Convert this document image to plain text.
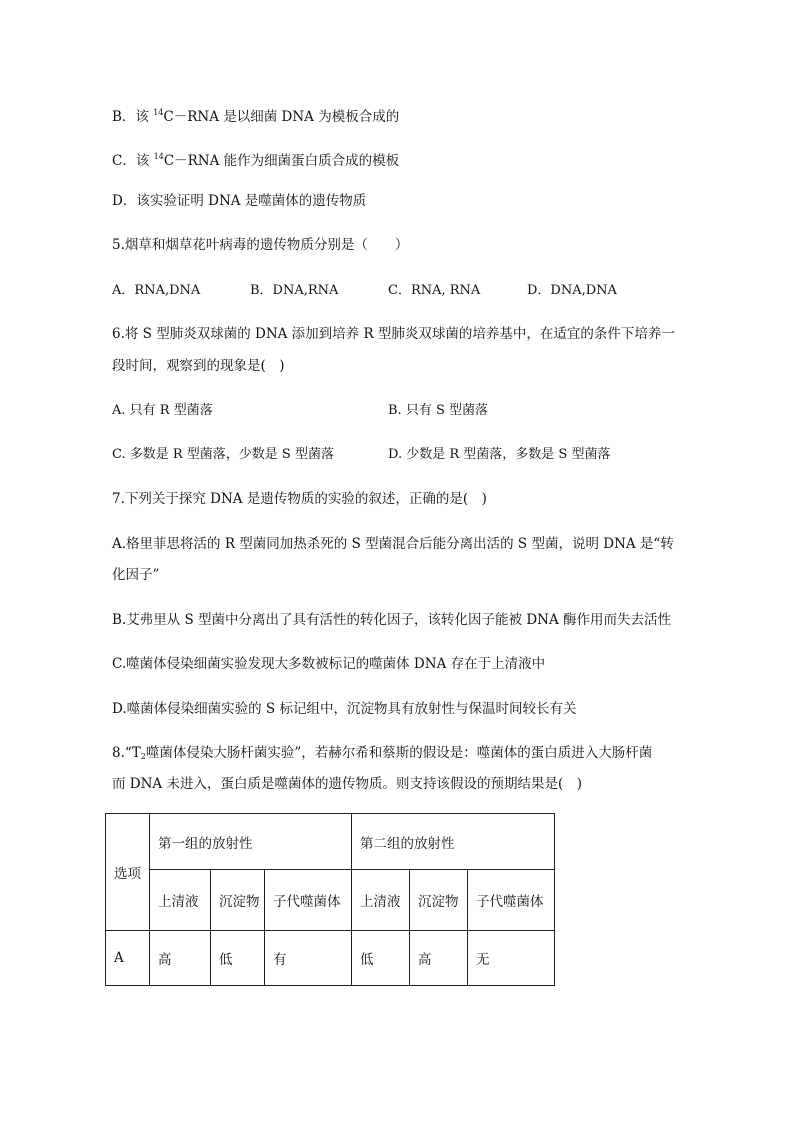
B．该 $^{14}$C－RNA 是以细菌 DNA 为模板合成的
C．该 $^{14}$C－RNA 能作为细菌蛋白质合成的模板
D．该实验证明 DNA 是噬菌体的遗传物质
5.烟草和烟草花叶病毒的遗传物质分别是（　　）
A．RNA,DNA	B．DNA,RNA	C．RNA, RNA	D．DNA,DNA
6.将 S 型肺炎双球菌的 DNA 添加到培养 R 型肺炎双球菌的培养基中，在适宜的条件下培养一
段时间，观察到的现象是(　)
A. 只有 R 型菌落	B. 只有 S 型菌落
C. 多数是 R 型菌落，少数是 S 型菌落	D. 少数是 R 型菌落，多数是 S 型菌落
7.下列关于探究 DNA 是遗传物质的实验的叙述，正确的是(　)
A.格里菲思将活的 R 型菌同加热杀死的 S 型菌混合后能分离出活的 S 型菌，说明 DNA 是“转
化因子”
B.艾弗里从 S 型菌中分离出了具有活性的转化因子，该转化因子能被 DNA 酶作用而失去活性
C.噬菌体侵染细菌实验发现大多数被标记的噬菌体 DNA 存在于上清液中
D.噬菌体侵染细菌实验的 S 标记组中，沉淀物具有放射性与保温时间较长有关
$8.“T_2$噬菌体侵染大肠杆菌实验”，若赫尔希和蔡斯的假设是：噬菌体的蛋白质进入大肠杆菌
而 DNA 未进入，蛋白质是噬菌体的遗传物质。则支持该假设的预期结果是(　)
选项	第一组的放射性			第二组的放射性		
	上清液	沉淀物	子代噬菌体	上清液	沉淀物	子代噬菌体
A	高	低	有	低	高	无
